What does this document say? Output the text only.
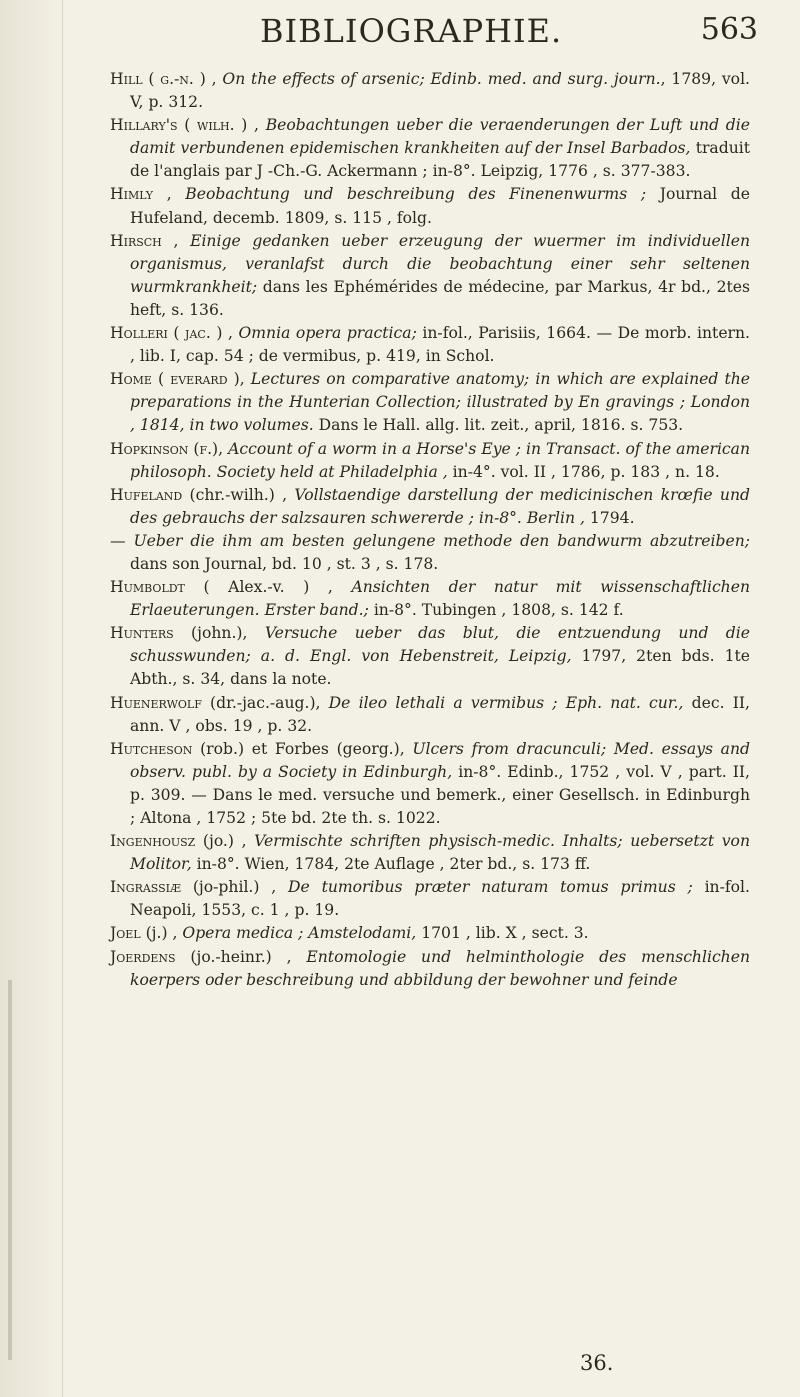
BIBLIOGRAPHIE.	563

Hill ( g.-n. ) , On the effects of arsenic; Edinb. med. and surg. journ., 1789, vol. V, p. 312.

Hillary's ( wilh. ) , Beobachtungen ueber die veraenderungen der Luft und die damit verbundenen epidemischen krankheiten auf der Insel Barbados, traduit de l'anglais par J -Ch.-G. Ackermann ; in-8°. Leipzig, 1776 , s. 377-383.

Himly , Beobachtung und beschreibung des Finenenwurms ; Journal de Hufeland, decemb. 1809, s. 115 , folg.

Hirsch , Einige gedanken ueber erzeugung der wuermer im individuellen organismus, veranlafst durch die beobachtung einer sehr seltenen wurmkrankheit; dans les Ephémérides de médecine, par Markus, 4r bd., 2tes heft, s. 136.

Holleri ( jac. ) , Omnia opera practica; in-fol., Parisiis, 1664. — De morb. intern. , lib. I, cap. 54 ; de vermibus, p. 419, in Schol.

Home ( everard ), Lectures on comparative anatomy; in which are explained the preparations in the Hunterian Collection; illustrated by En gravings ; London , 1814, in two volumes. Dans le Hall. allg. lit. zeit., april, 1816. s. 753.

Hopkinson (f.), Account of a worm in a Horse's Eye ; in Transact. of the american philosoph. Society held at Philadelphia , in-4°. vol. II , 1786, p. 183 , n. 18.

Hufeland (chr.-wilh.) , Vollstaendige darstellung der medicinischen krœfie und des gebrauchs der salzsauren schwererde ; in-8°. Berlin , 1794.

— Ueber die ihm am besten gelungene methode den bandwurm abzutreiben; dans son Journal, bd. 10 , st. 3 , s. 178.

Humboldt ( Alex.-v. ) , Ansichten der natur mit wissenschaftlichen Erlaeuterungen. Erster band.; in-8°. Tubingen , 1808, s. 142 f.

Hunters (john.), Versuche ueber das blut, die entzuendung und die schusswunden; a. d. Engl. von Hebenstreit, Leipzig, 1797, 2ten bds. 1te Abth., s. 34, dans la note.

Huenerwolf (dr.-jac.-aug.), De ileo lethali a vermibus ; Eph. nat. cur., dec. II, ann. V , obs. 19 , p. 32.

Hutcheson (rob.) et Forbes (georg.), Ulcers from dracunculi; Med. essays and observ. publ. by a Society in Edinburgh, in-8°. Edinb., 1752 , vol. V , part. II, p. 309. — Dans le med. versuche und bemerk., einer Gesellsch. in Edinburgh ; Altona , 1752 ; 5te bd. 2te th. s. 1022.

Ingenhousz (jo.) , Vermischte schriften physisch-medic. Inhalts; uebersetzt von Molitor, in-8°. Wien, 1784, 2te Auflage , 2ter bd., s. 173 ff.

Ingrassiæ (jo-phil.) , De tumoribus præter naturam tomus primus ; in-fol. Neapoli, 1553, c. 1 , p. 19.

Joel (j.) , Opera medica ; Amstelodami, 1701 , lib. X , sect. 3.

Joerdens (jo.-heinr.) , Entomologie und helminthologie des menschlichen koerpers oder beschreibung und abbildung der bewohner und feinde

36.
